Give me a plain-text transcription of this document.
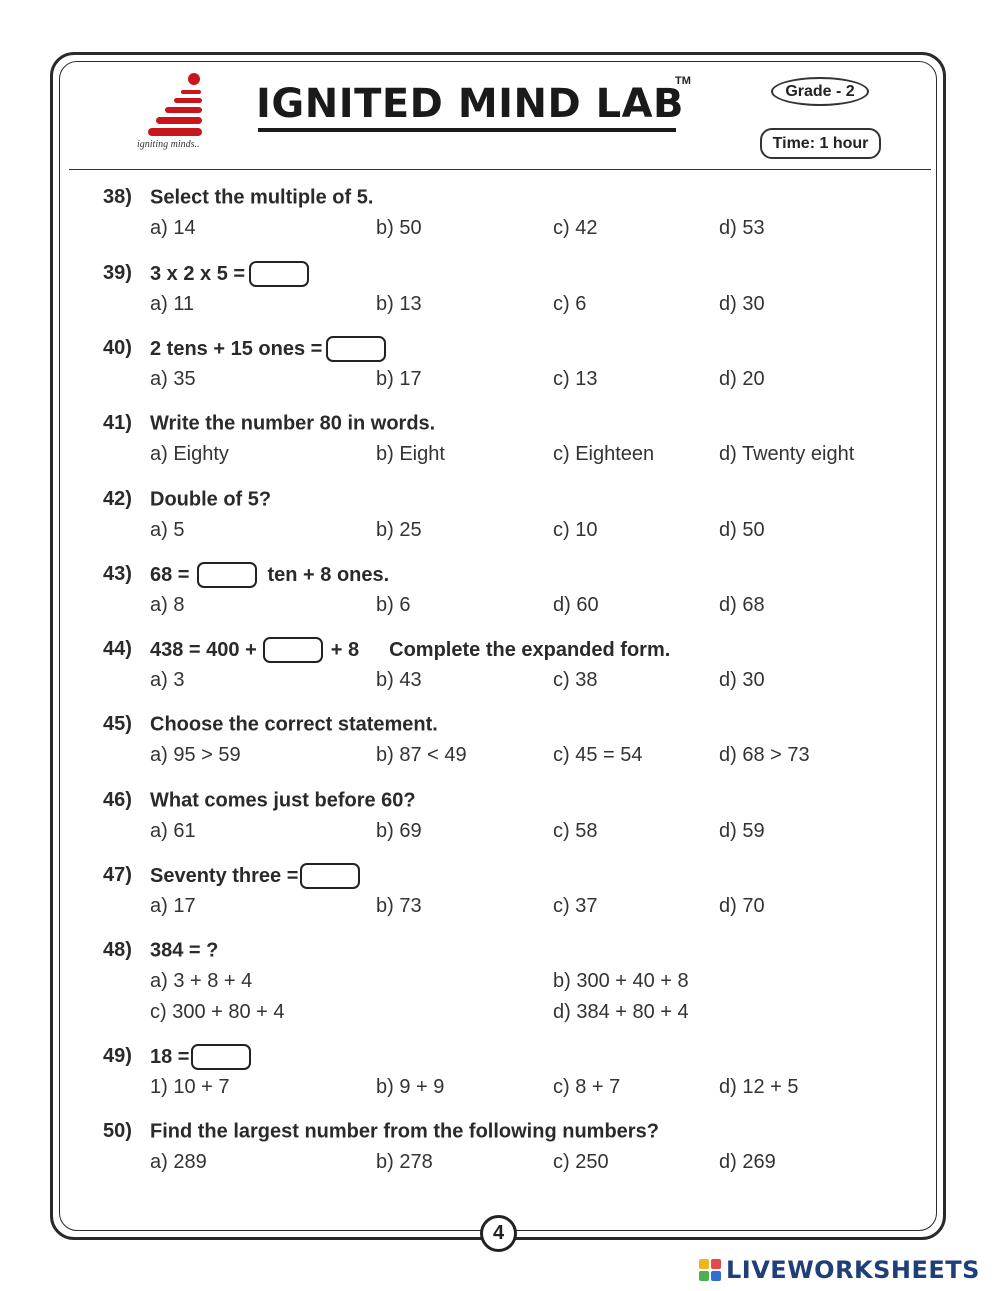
igniting minds..
IGNITED MIND LAB
TM
Grade - 2
Time: 1 hour
38) Select the multiple of 5.
a) 14	b) 50	c) 42	d) 53
39) 3 x 2 x 5 =
a) 11	b) 13	c) 6	d) 30
40) 2 tens + 15 ones =
a) 35	b) 17	c) 13	d) 20
41) Write the number 80 in words.
a) Eighty	b) Eight	c) Eighteen	d) Twenty eight
42) Double of 5?
a) 5	b) 25	c) 10	d) 50
43) 68 =	ten + 8 ones.
a) 8	b) 6	d) 60	d) 68
44) 438 = 400 +	+ 8 Complete the expanded form.
a) 3	b) 43	c) 38	d) 30
45) Choose the correct statement.
a) 95 > 59	b) 87 < 49	c) 45 = 54	d) 68 > 73
46) What comes just before 60?
a) 61	b) 69	c) 58	d) 59
47) Seventy three =
a) 17	b) 73	c) 37	d) 70
48) 384 = ?
a) 3 + 8 + 4	b) 300 + 40 + 8
c) 300 + 80 + 4	d) 384 + 80 + 4
49) 18 =
1) 10 + 7	b) 9 + 9	c) 8 + 7	d) 12 + 5
50) Find the largest number from the following numbers?
a) 289	b) 278	c) 250	d) 269
4
LIVEWORKSHEETS
